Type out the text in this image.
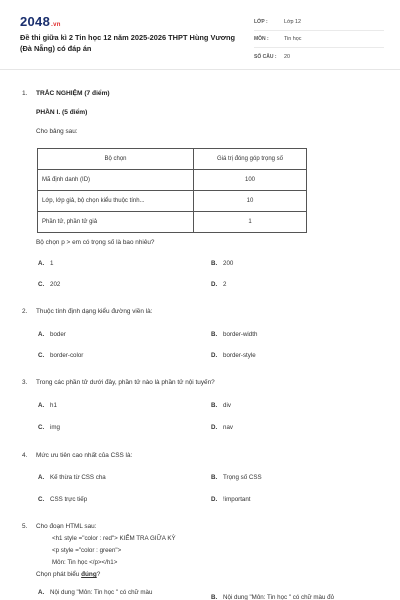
2048.vn
Đề thi giữa kì 2 Tin học 12 năm 2025-2026 THPT Hùng Vương (Đà Nẵng) có đáp án
LỚP :	Lớp 12
MÔN :	Tin học
SỐ CÂU :	20
1. TRẮC NGHIỆM (7 điểm)
PHẦN I. (5 điểm)
Cho bảng sau:
Bộ chọn	Giá trị đóng góp trọng số
Mã định danh (ID)	100
Lớp, lớp giả, bộ chọn kiểu thuộc tính...	10
Phần tử, phần tử giả	1
Bộ chọn p > em có trọng số là bao nhiêu?
A. 1	B. 200
C. 202	D. 2
2. Thuộc tính định dạng kiểu đường viền là:
A. boder	B. border-width
C. border-color	D. border-style
3. Trong các phần tử dưới đây, phần tử nào là phần tử nội tuyến?
A. h1	B. div
C. img	D. nav
4. Mức ưu tiên cao nhất của CSS là:
A. Kế thừa từ CSS cha	B. Trọng số CSS
C. CSS trực tiếp	D. !important
5. Cho đoạn HTML sau:
<h1 style ="color : red"> KIỂM TRA GIỮA KỲ
<p style ="color : green">
Môn: Tin học </p></h1>
Chọn phát biểu đúng?
A. Nội dung "Môn: Tin học " có chữ màu
B. Nội dung "Môn: Tin học " có chữ màu đỏ
